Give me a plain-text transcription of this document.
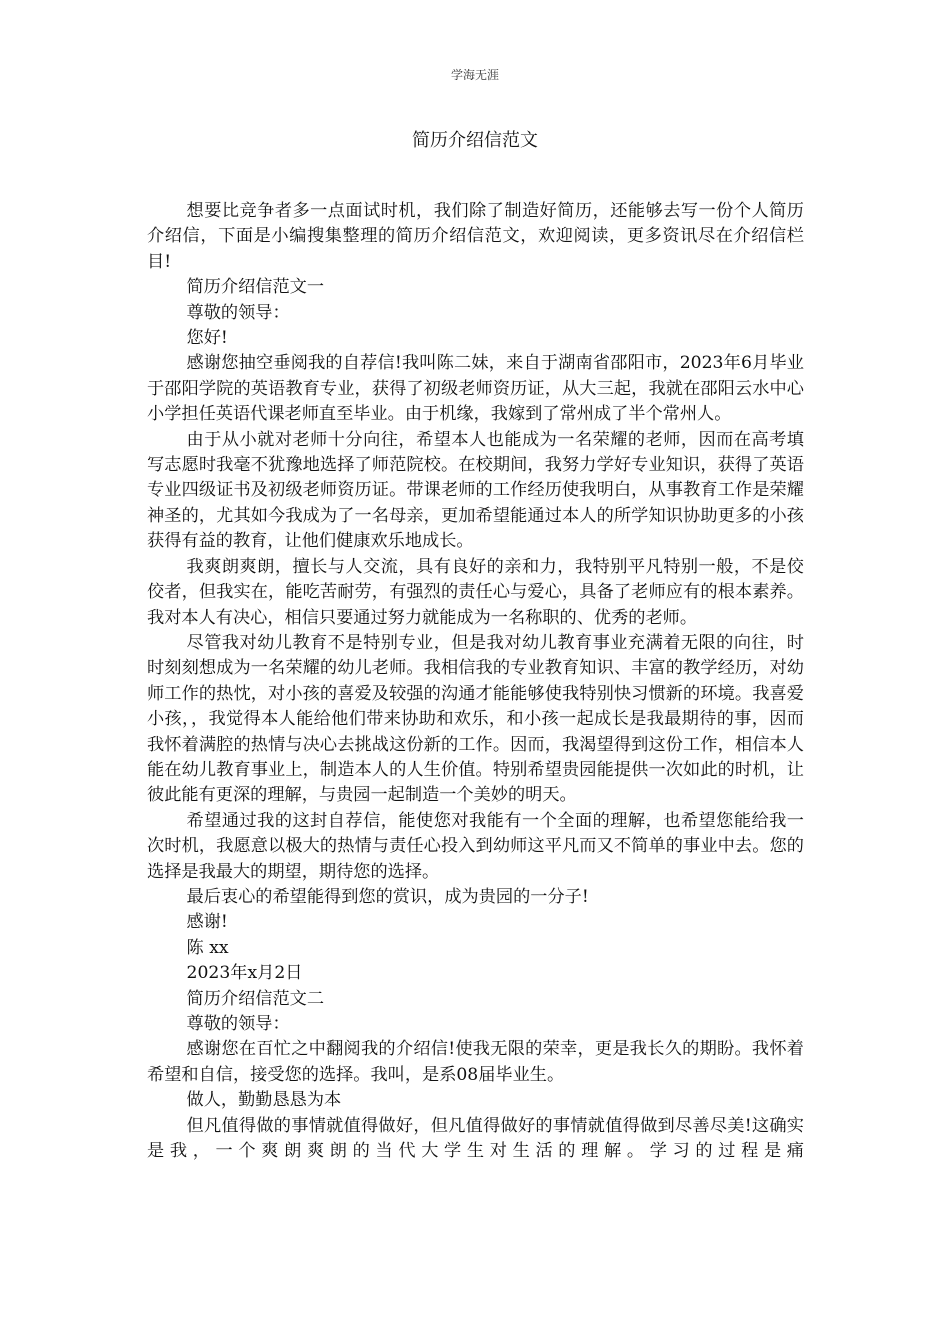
学海无涯
简历介绍信范文

想要比竞争者多一点面试时机，我们除了制造好简历，还能够去写一份个人简历介绍信，下面是小编搜集整理的简历介绍信范文，欢迎阅读，更多资讯尽在介绍信栏目!

简历介绍信范文一

尊敬的领导：

您好!

感谢您抽空垂阅我的自荐信!我叫陈二妹，来自于湖南省邵阳市，2023年6月毕业于邵阳学院的英语教育专业，获得了初级老师资历证，从大三起，我就在邵阳云水中心小学担任英语代课老师直至毕业。由于机缘，我嫁到了常州成了半个常州人。

由于从小就对老师十分向往，希望本人也能成为一名荣耀的老师，因而在高考填写志愿时我毫不犹豫地选择了师范院校。在校期间，我努力学好专业知识，获得了英语专业四级证书及初级老师资历证。带课老师的工作经历使我明白，从事教育工作是荣耀神圣的，尤其如今我成为了一名母亲，更加希望能通过本人的所学知识协助更多的小孩获得有益的教育，让他们健康欢乐地成长。

我爽朗爽朗，擅长与人交流，具有良好的亲和力，我特别平凡特别一般，不是佼佼者，但我实在，能吃苦耐劳，有强烈的责任心与爱心，具备了老师应有的根本素养。我对本人有决心，相信只要通过努力就能成为一名称职的、优秀的老师。

尽管我对幼儿教育不是特别专业，但是我对幼儿教育事业充满着无限的向往，时时刻刻想成为一名荣耀的幼儿老师。我相信我的专业教育知识、丰富的教学经历，对幼师工作的热忱，对小孩的喜爱及较强的沟通才能能够使我特别快习惯新的环境。我喜爱小孩，，我觉得本人能给他们带来协助和欢乐，和小孩一起成长是我最期待的事，因而我怀着满腔的热情与决心去挑战这份新的工作。因而，我渴望得到这份工作，相信本人能在幼儿教育事业上，制造本人的人生价值。特别希望贵园能提供一次如此的时机，让彼此能有更深的理解，与贵园一起制造一个美妙的明天。

希望通过我的这封自荐信，能使您对我能有一个全面的理解，也希望您能给我一次时机，我愿意以极大的热情与责任心投入到幼师这平凡而又不简单的事业中去。您的选择是我最大的期望，期待您的选择。

最后衷心的希望能得到您的赏识，成为贵园的一分子!

感谢!

陈 xx

2023年x月2日

简历介绍信范文二

尊敬的领导：

感谢您在百忙之中翻阅我的介绍信!使我无限的荣幸，更是我长久的期盼。我怀着希望和自信，接受您的选择。我叫，是系08届毕业生。

做人，勤勤恳恳为本

但凡值得做的事情就值得做好，但凡值得做好的事情就值得做到尽善尽美!这确实是我，一个爽朗爽朗的当代大学生对生活的理解。学习的过程是痛
